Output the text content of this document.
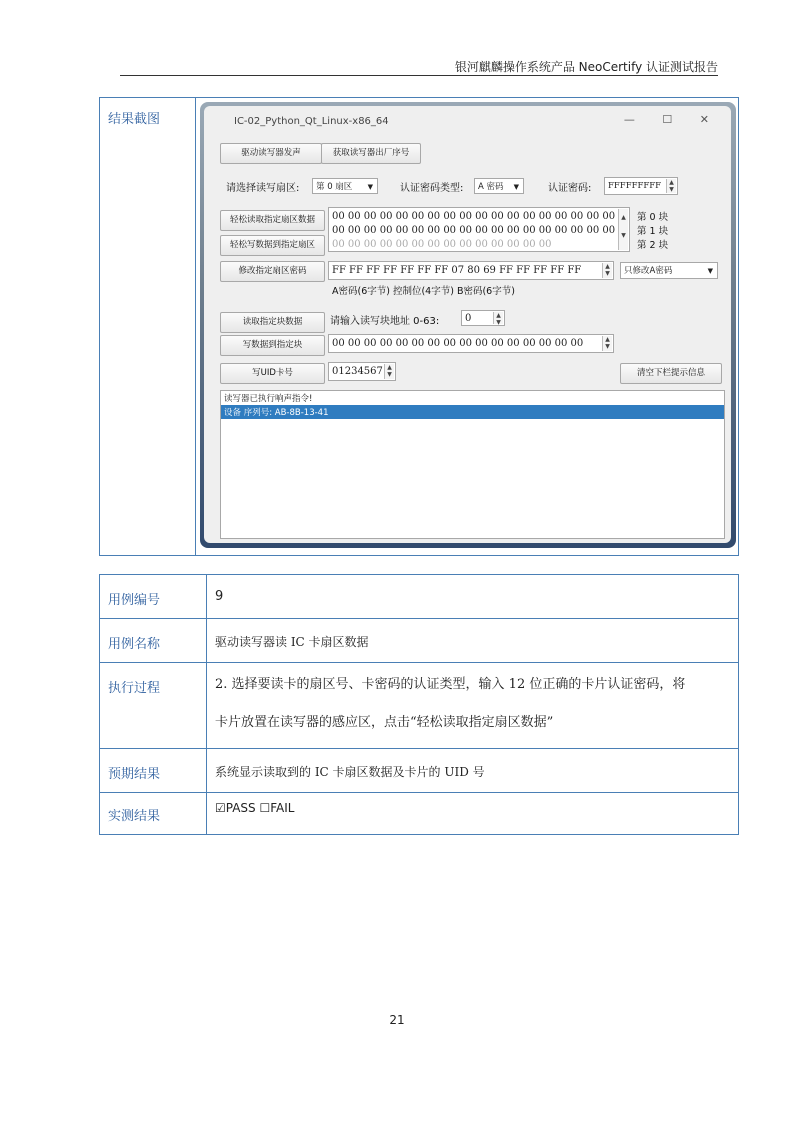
银河麒麟操作系统产品 NeoCertify 认证测试报告
结果截图	IC-02_Python_Qt_Linux-x86_64	— ☐ ✕
驱动读写器发声	获取读写器出厂序号
请选择读写扇区:	第 0 扇区 ▼	认证密码类型:	A 密码 ▼	认证密码:	FFFFFFFFF	▲
▼
轻松读取指定扇区数据
轻松写数据到指定扇区
00 00 00 00 00 00 00 00 00 00 00 00 00 00 00 00 00 00
00 00 00 00 00 00 00 00 00 00 00 00 00 00 00 00 00 00
00 00 00 00 00 00 00 00 00 00 00 00 00 00
▲
▼
第 0 块
第 1 块
第 2 块
修改指定扇区密码	FF FF FF FF FF FF FF 07 80 69 FF FF FF FF FF	▲
▼	只修改A密码	▼
A密码(6字节) 控制位(4字节) B密码(6字节)
读取指定块数据	请输入读写块地址 0-63:	0	▲
▼
写数据到指定块	00 00 00 00 00 00 00 00 00 00 00 00 00 00 00 00	▲
▼
写UID卡号	01234567 ▲
▼	清空下栏提示信息
读写器已执行响声指令!
设备 序列号: AB-8B-13-41
用例编号	9
用例名称	驱动读写器读 IC 卡扇区数据
执行过程	2. 选择要读卡的扇区号、卡密码的认证类型，输入 12 位正确的卡片认证密码，将
卡片放置在读写器的感应区，点击“轻松读取指定扇区数据”

预期结果	系统显示读取到的 IC 卡扇区数据及卡片的 UID 号
实测结果	☑PASS ☐FAIL
21
